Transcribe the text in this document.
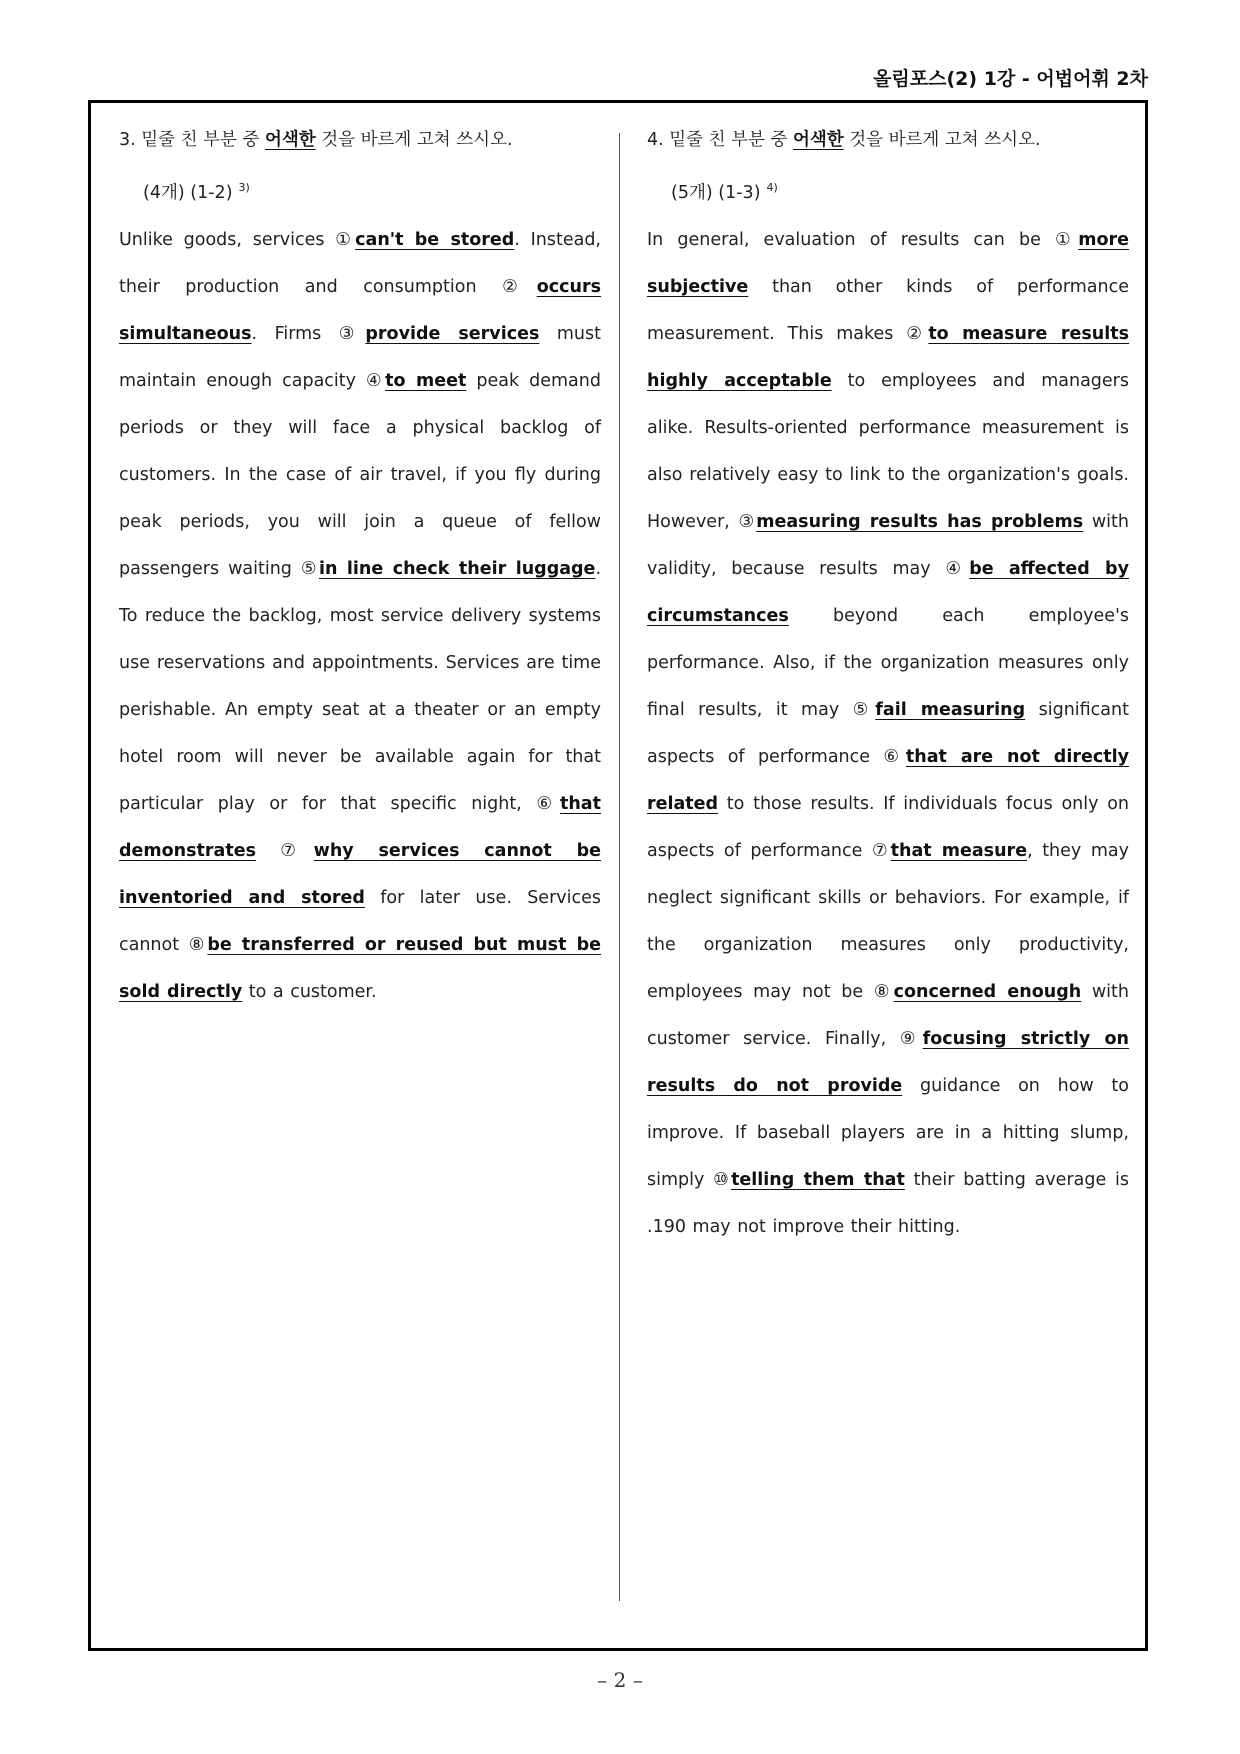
올림포스(2) 1강 - 어법어휘 2차

3. 밑줄 친 부분 중 어색한 것을 바르게 고쳐 쓰시오.

(4개) (1-2) $^{3)}$

Unlike goods, services ①can't be stored. Instead, their production and consumption ②occurs simultaneous. Firms ③provide services must maintain enough capacity ④to meet peak demand periods or they will face a physical backlog of customers. In the case of air travel, if you fly during peak periods, you will join a queue of fellow passengers waiting ⑤in line check their luggage. To reduce the backlog, most service delivery systems use reservations and appointments. Services are time perishable. An empty seat at a theater or an empty hotel room will never be available again for that particular play or for that specific night, ⑥that demonstrates ⑦why services cannot be inventoried and stored for later use. Services cannot ⑧be transferred or reused but must be sold directly to a customer.

4. 밑줄 친 부분 중 어색한 것을 바르게 고쳐 쓰시오.

(5개) (1-3) $^{4)}$

In general, evaluation of results can be ①more subjective than other kinds of performance measurement. This makes ②to measure results highly acceptable to employees and managers alike. Results-oriented performance measurement is also relatively easy to link to the organization's goals. However, ③measuring results has problems with validity, because results may ④be affected by circumstances beyond each employee's performance. Also, if the organization measures only final results, it may ⑤fail measuring significant aspects of performance ⑥that are not directly related to those results. If individuals focus only on aspects of performance ⑦that measure, they may neglect significant skills or behaviors. For example, if the organization measures only productivity, employees may not be ⑧concerned enough with customer service. Finally, ⑨focusing strictly on results do not provide guidance on how to improve. If baseball players are in a hitting slump, simply ⑩telling them that their batting average is .190 may not improve their hitting.

– 2 –
